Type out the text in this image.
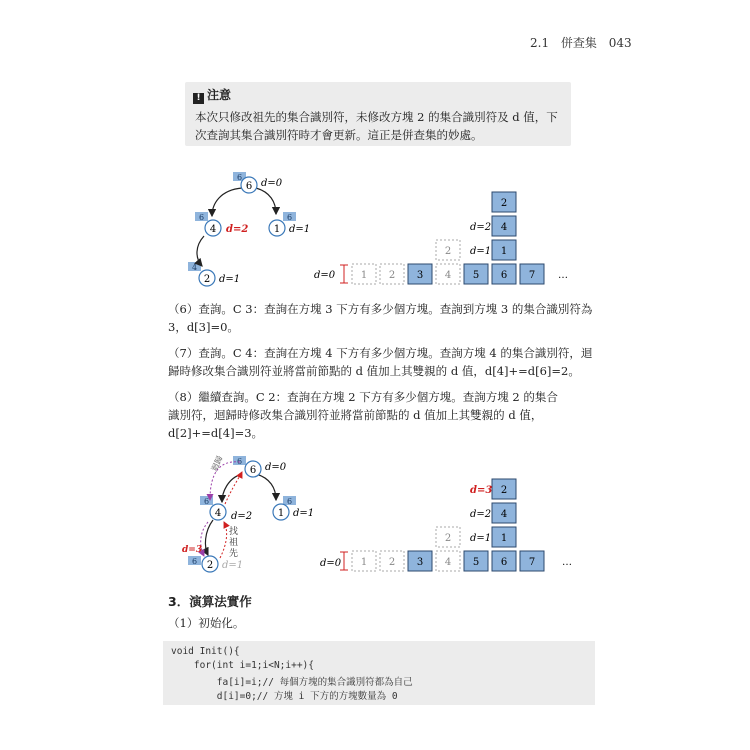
2.1 併查集 043
! 注意
本次只修改祖先的集合識別符，未修改方塊 2 的集合識別符及 d 值，下
次查詢其集合識別符時才會更新。這正是併查集的妙處。
6
6	6
4
6 d=0
4 d=2	1 d=1
2 d=1	d=0	1 2 3 4 5 6 7 …
2	1
4
2
d=1
d=2
（6）查詢。C 3：查詢在方塊 3 下方有多少個方塊。查詢到方塊 3 的集合識別符為
3，d[3]=0。
（7）查詢。C 4：查詢在方塊 4 下方有多少個方塊。查詢方塊 4 的集合識別符，迴
歸時修改集合識別符並將當前節點的 d 值加上其雙親的 d 值，d[4]+=d[6]=2。
（8）繼續查詢。C 2：查詢在方塊 2 下方有多少個方塊。查詢方塊 2 的集合
識別符，迴歸時修改集合識別符並將當前節點的 d 值加上其雙親的 d 值，
d[2]+=d[4]=3。
6
6	6
6
迴歸
找
祖
先
6 d=0
4 d=2	1 d=1
2 d=1
d=3
d=0 1 2 3 4 5 6 7	…
2	1
4
2
d=1
d=2
d=3
3．演算法實作
（1）初始化。
void Init(){
for(int i=1;i<N;i++){
fa[i]=i;// 每個方塊的集合識別符都為自己
d[i]=0;// 方塊 i 下方的方塊數量為 0
